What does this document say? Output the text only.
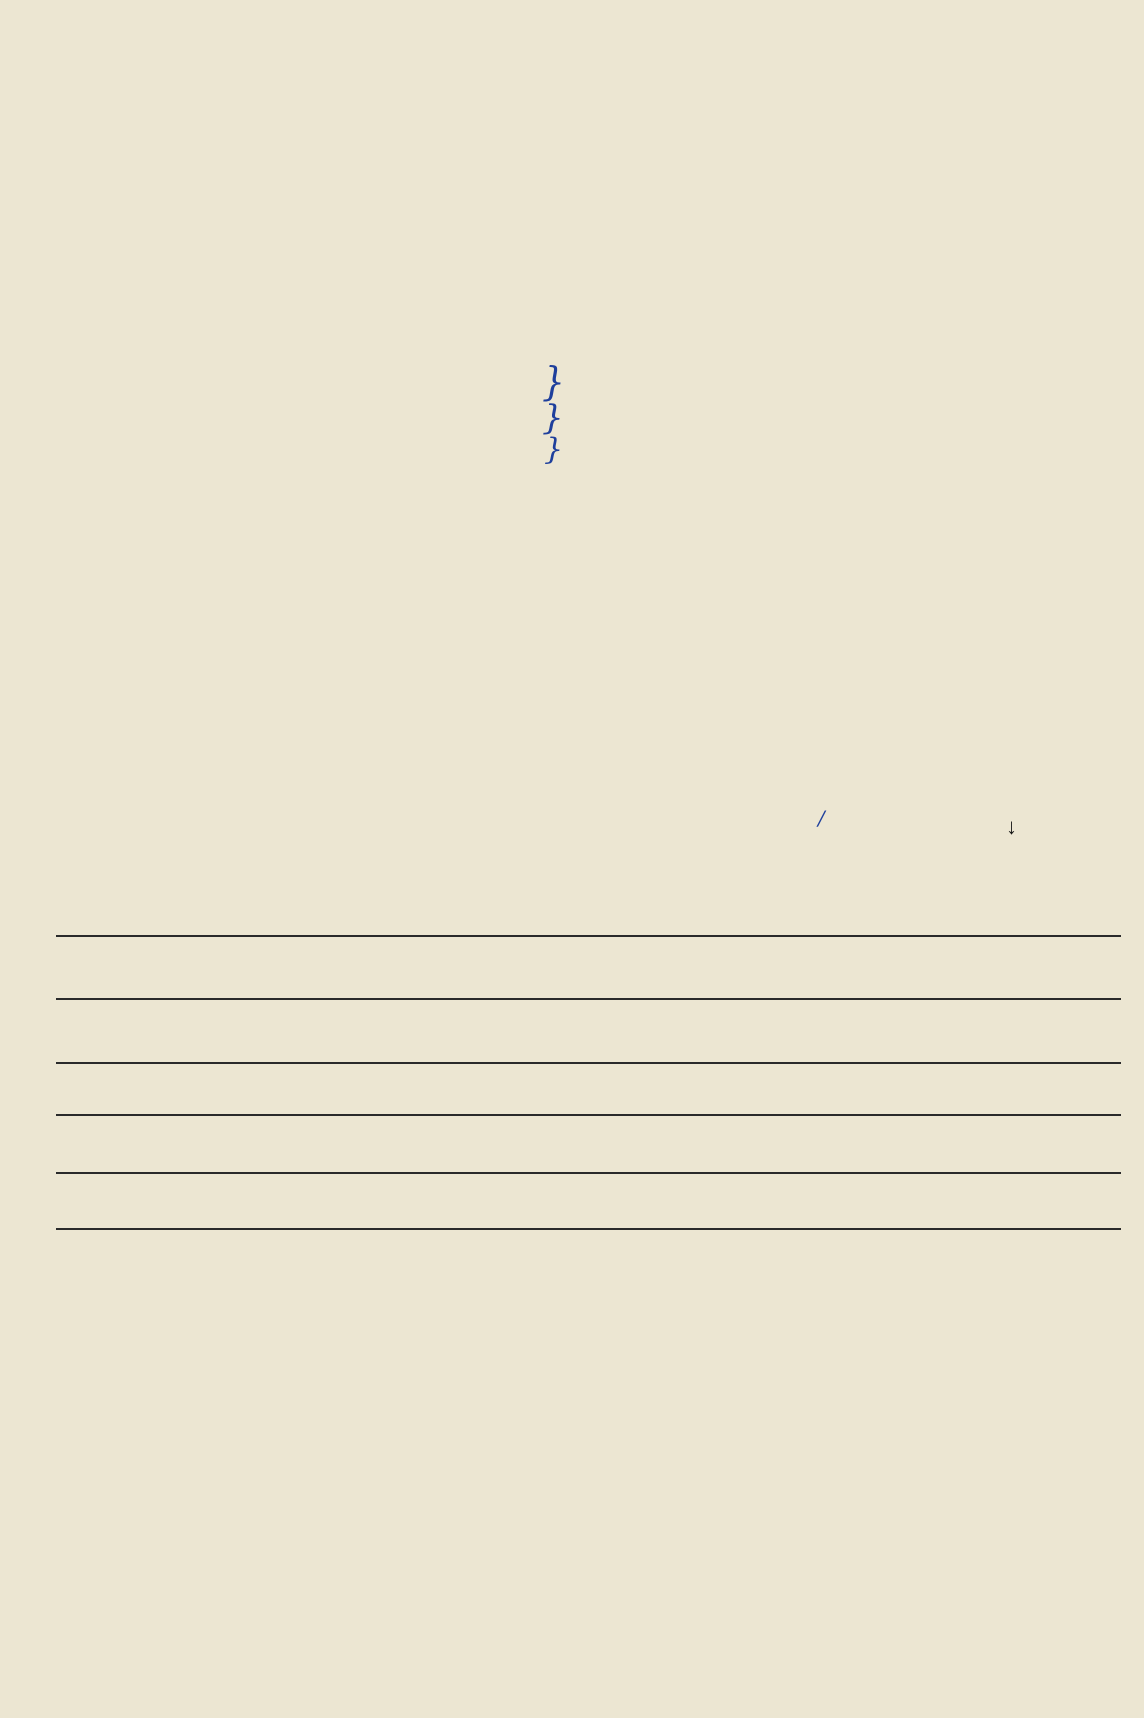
}
}
}
/	↓
